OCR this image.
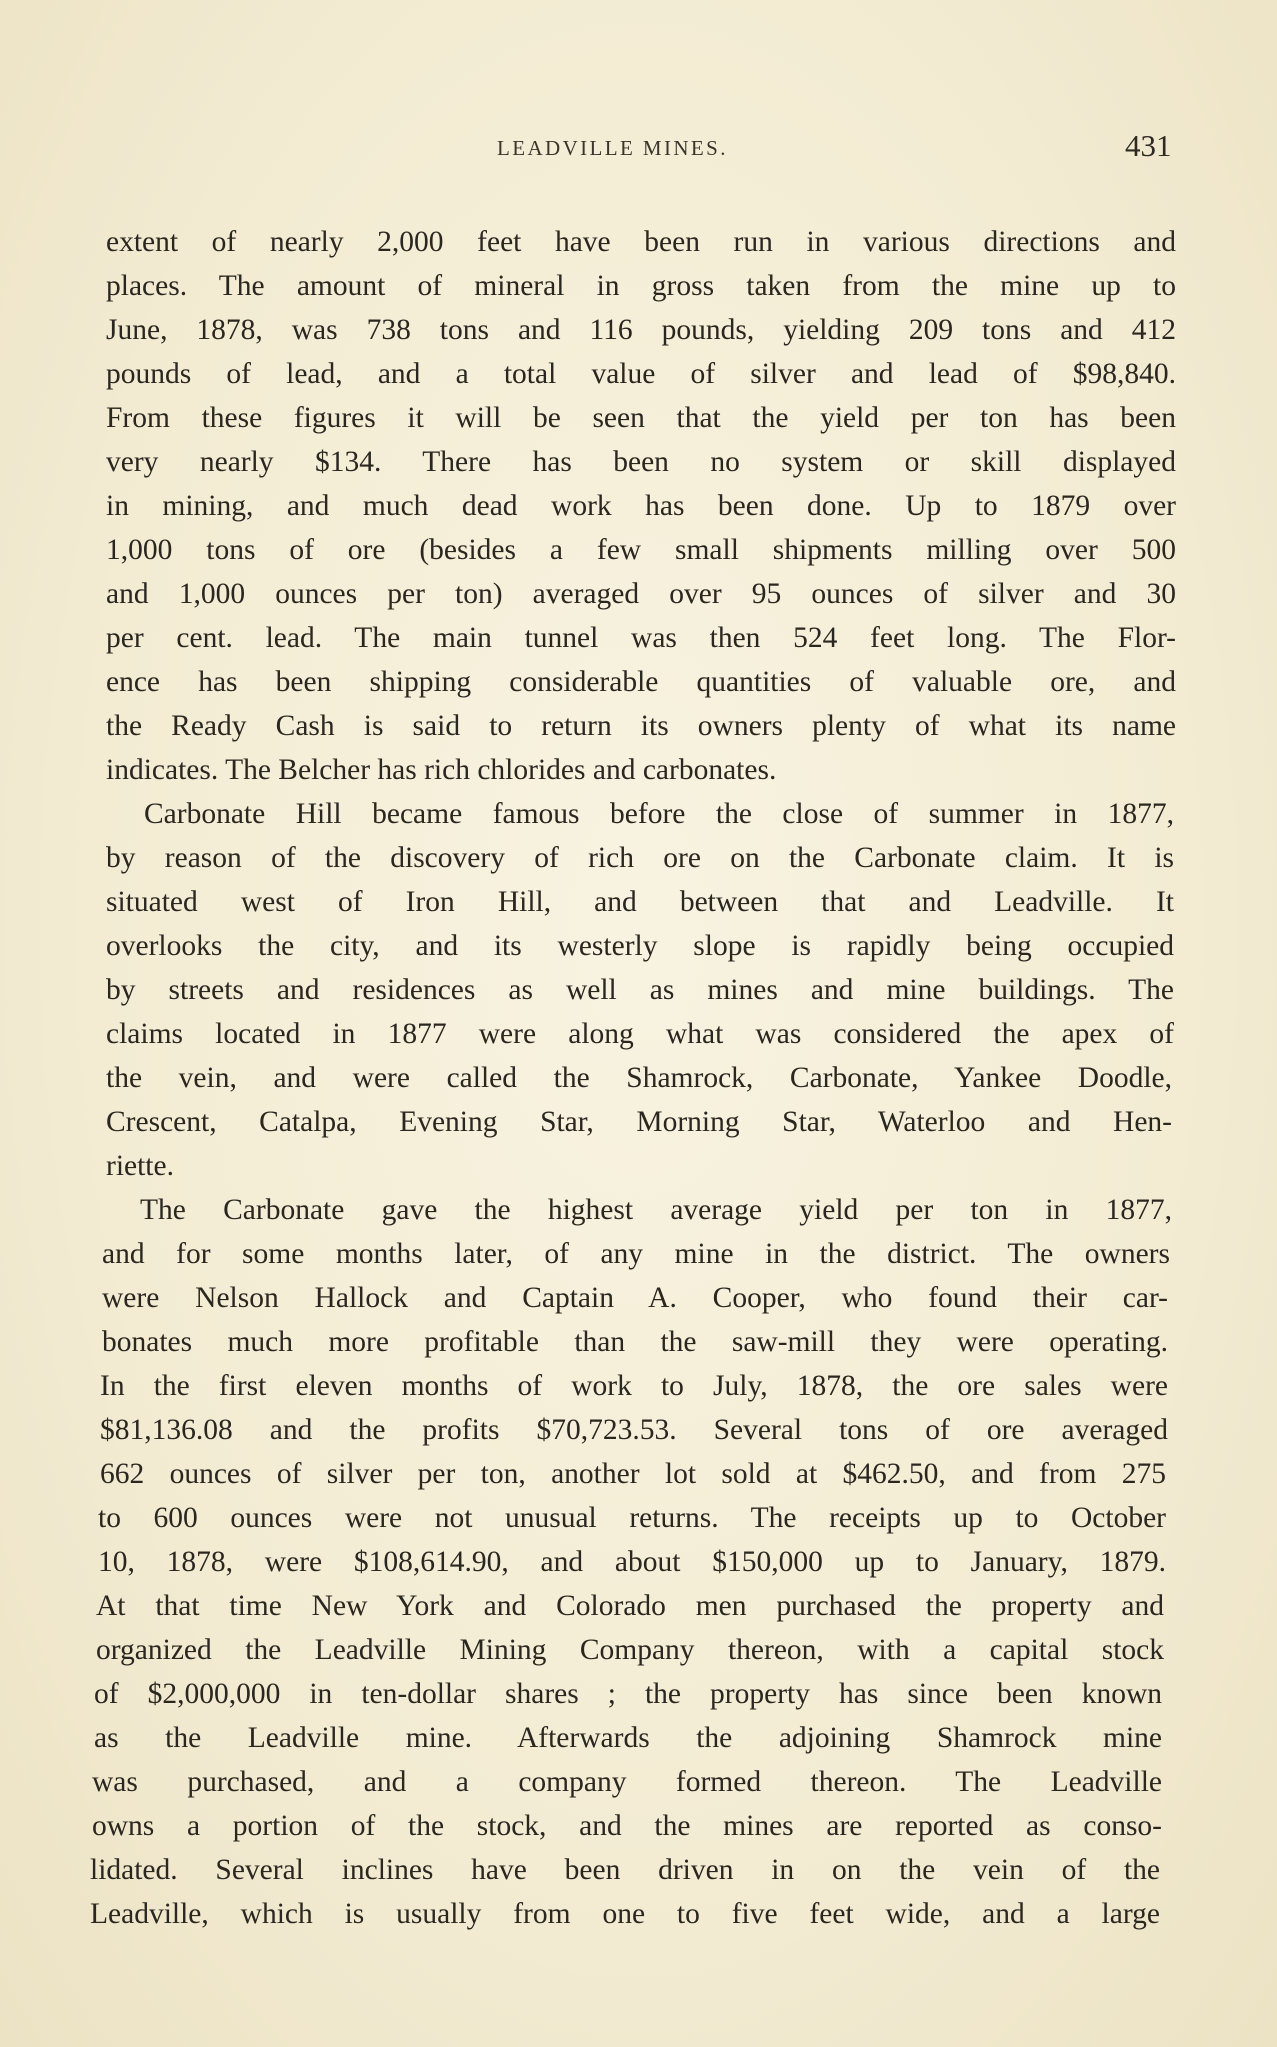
LEADVILLE MINES.	431
extent of nearly 2,000 feet have been run in various directions and
places. The amount of mineral in gross taken from the mine up to
June, 1878, was 738 tons and 116 pounds, yielding 209 tons and 412
pounds of lead, and a total value of silver and lead of $98,840.
From these figures it will be seen that the yield per ton has been
very nearly $134. There has been no system or skill displayed
in mining, and much dead work has been done. Up to 1879 over
1,000 tons of ore (besides a few small shipments milling over 500
and 1,000 ounces per ton) averaged over 95 ounces of silver and 30
per cent. lead. The main tunnel was then 524 feet long. The Flor-
ence has been shipping considerable quantities of valuable ore, and
the Ready Cash is said to return its owners plenty of what its name
indicates. The Belcher has rich chlorides and carbonates.
Carbonate Hill became famous before the close of summer in 1877,
by reason of the discovery of rich ore on the Carbonate claim. It is
situated west of Iron Hill, and between that and Leadville. It
overlooks the city, and its westerly slope is rapidly being occupied
by streets and residences as well as mines and mine buildings. The
claims located in 1877 were along what was considered the apex of
the vein, and were called the Shamrock, Carbonate, Yankee Doodle,
Crescent, Catalpa, Evening Star, Morning Star, Waterloo and Hen-
riette.
The Carbonate gave the highest average yield per ton in 1877,
and for some months later, of any mine in the district. The owners
were Nelson Hallock and Captain A. Cooper, who found their car-
bonates much more profitable than the saw-mill they were operating.
In the first eleven months of work to July, 1878, the ore sales were
$81,136.08 and the profits $70,723.53. Several tons of ore averaged
662 ounces of silver per ton, another lot sold at $462.50, and from 275
to 600 ounces were not unusual returns. The receipts up to October
10, 1878, were $108,614.90, and about $150,000 up to January, 1879.
At that time New York and Colorado men purchased the property and
organized the Leadville Mining Company thereon, with a capital stock
of $2,000,000 in ten-dollar shares ; the property has since been known
as the Leadville mine. Afterwards the adjoining Shamrock mine
was purchased, and a company formed thereon. The Leadville
owns a portion of the stock, and the mines are reported as conso-
lidated. Several inclines have been driven in on the vein of the
Leadville, which is usually from one to five feet wide, and a large
